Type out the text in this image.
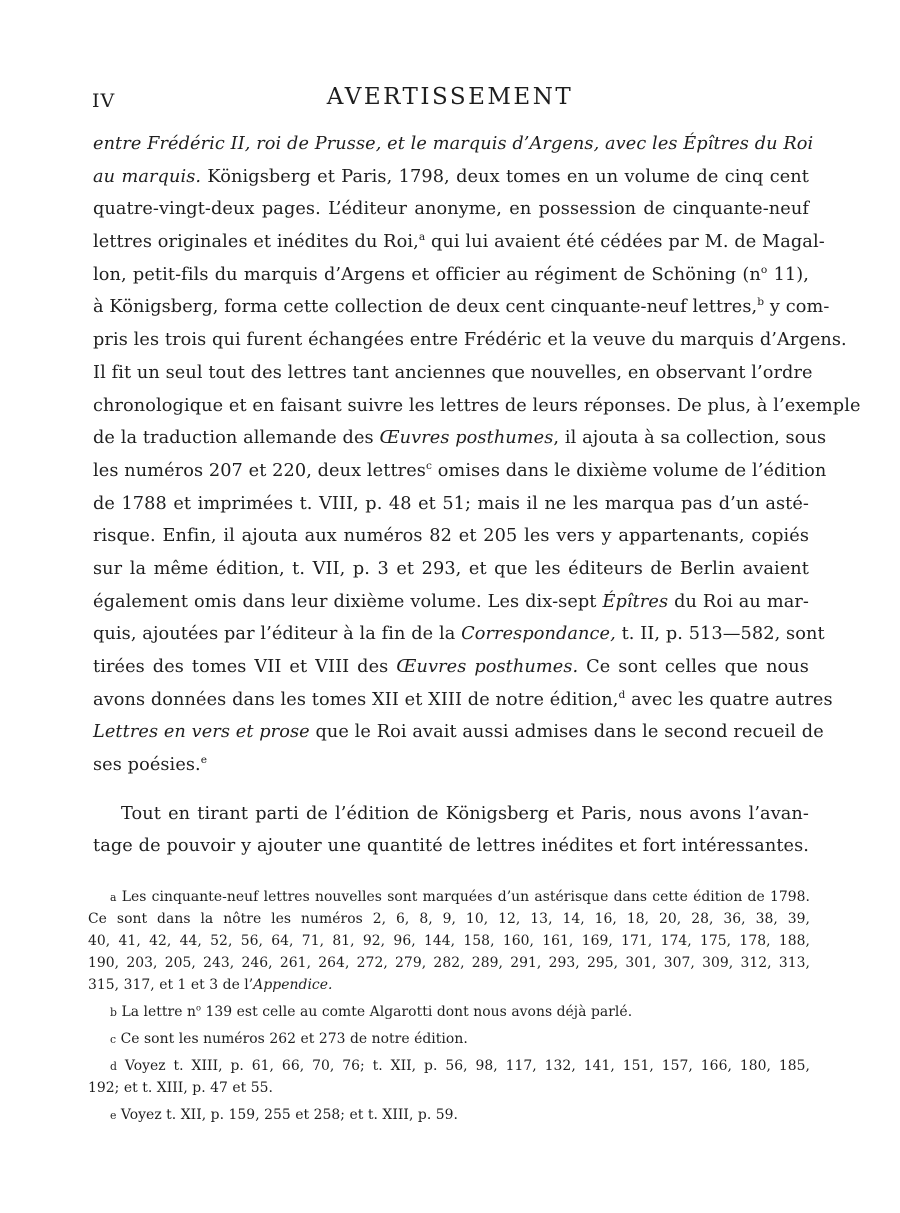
IV	AVERTISSEMENT
entre Frédéric II, roi de Prusse, et le marquis d’Argens, avec les Épîtres du Roi
au marquis. Königsberg et Paris, 1798, deux tomes en un volume de cinq cent
quatre-vingt-deux pages. L’éditeur anonyme, en possession de cinquante-neuf
lettres originales et inédites du Roi,$^a$ qui lui avaient été cédées par M. de Magal-
lon, petit-fils du marquis d’Argens et officier au régiment de Schöning ($n^o$ 11),
à Königsberg, forma cette collection de deux cent cinquante-neuf lettres,$^b$ y com-
pris les trois qui furent échangées entre Frédéric et la veuve du marquis d’Argens.
Il fit un seul tout des lettres tant anciennes que nouvelles, en observant l’ordre
chronologique et en faisant suivre les lettres de leurs réponses. De plus, à l’exemple
de la traduction allemande des Œuvres posthumes, il ajouta à sa collection, sous
les numéros 207 et 220, deux lettres$^c$ omises dans le dixième volume de l’édition
de 1788 et imprimées t. VIII, p. 48 et 51; mais il ne les marqua pas d’un asté-
risque. Enfin, il ajouta aux numéros 82 et 205 les vers y appartenants, copiés
sur la même édition, t. VII, p. 3 et 293, et que les éditeurs de Berlin avaient
également omis dans leur dixième volume. Les dix-sept Épîtres du Roi au mar-
quis, ajoutées par l’éditeur à la fin de la Correspondance, t. II, p. 513—582, sont
tirées des tomes VII et VIII des Œuvres posthumes. Ce sont celles que nous
avons données dans les tomes XII et XIII de notre édition,$^d$ avec les quatre autres
Lettres en vers et prose que le Roi avait aussi admises dans le second recueil de
ses poésies.$^e$
Tout en tirant parti de l’édition de Königsberg et Paris, nous avons l’avan-
tage de pouvoir y ajouter une quantité de lettres inédites et fort intéressantes.
a Les cinquante-neuf lettres nouvelles sont marquées d’un astérisque dans cette édition de 1798.
Ce sont dans la nôtre les numéros 2, 6, 8, 9, 10, 12, 13, 14, 16, 18, 20, 28, 36, 38, 39,
40, 41, 42, 44, 52, 56, 64, 71, 81, 92, 96, 144, 158, 160, 161, 169, 171, 174, 175, 178, 188,
190, 203, 205, 243, 246, 261, 264, 272, 279, 282, 289, 291, 293, 295, 301, 307, 309, 312, 313,
315, 317, et 1 et 3 de l’Appendice.
b La lettre $n^o$ 139 est celle au comte Algarotti dont nous avons déjà parlé.
c Ce sont les numéros 262 et 273 de notre édition.
d Voyez t. XIII, p. 61, 66, 70, 76; t. XII, p. 56, 98, 117, 132, 141, 151, 157, 166, 180, 185,
192; et t. XIII, p. 47 et 55.
e Voyez t. XII, p. 159, 255 et 258; et t. XIII, p. 59.
